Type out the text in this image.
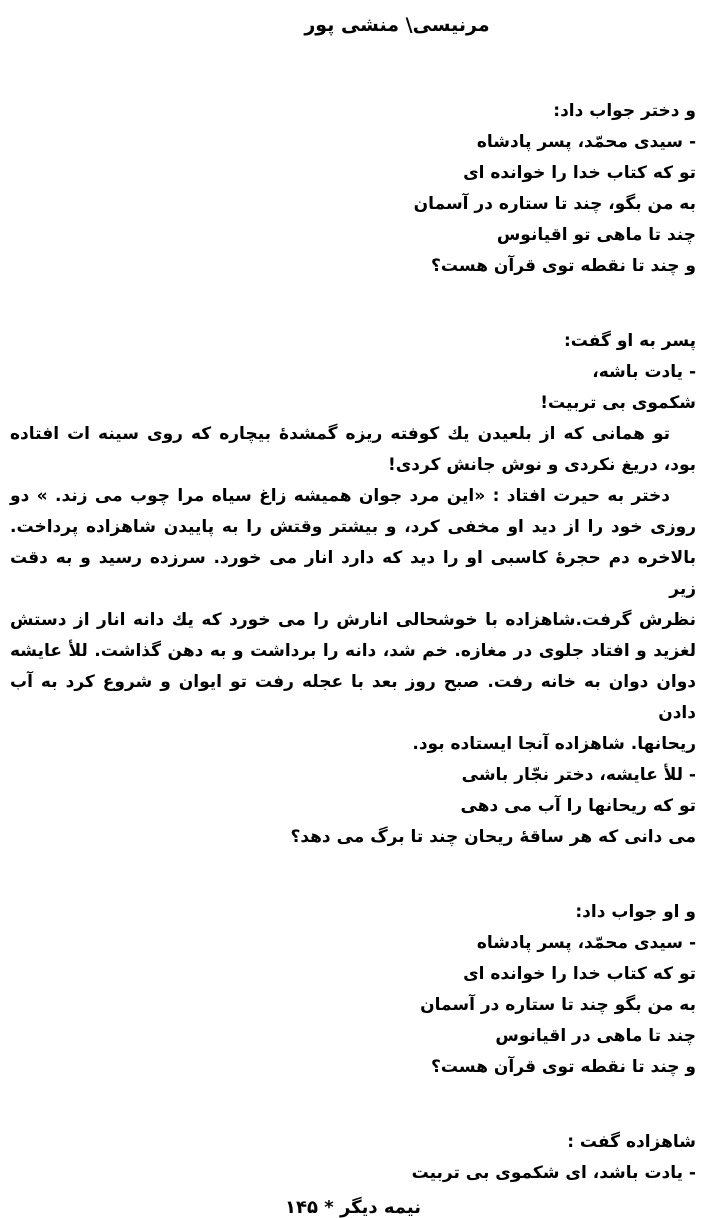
مرنیسی\ منشی پور
و دختر جواب داد:
- سیدی محمّد، پسر پادشاه
تو که کتاب خدا را خوانده ای
به من بگو، چند تا ستاره در آسمان
چند تا ماهی تو اقیانوس
و چند تا نقطه توی قرآن هست؟
پسر به او گفت:
- یادت باشه،
شکموی بی تربیت!
تو همانی که از بلعیدن یك کوفته ریزه گمشدهٔ بیچاره که روی سینه ات افتاده
بود، دریغ نکردی و نوش جانش کردی!
دختر به حیرت افتاد : «این مرد جوان همیشه زاغ سیاه مرا چوب می زند. » دو
روزی خود را از دید او مخفی کرد، و بیشتر وقتش را به پاییدن شاهزاده پرداخت.
بالاخره دم حجرهٔ کاسبی او را دید که دارد انار می خورد. سرزده رسید و به دقت زیر
نظرش گرفت.شاهزاده با خوشحالی انارش را می خورد که یك دانه انار از دستش
لغزید و افتاد جلوی در مغازه. خم شد، دانه را برداشت و به دهن گذاشت. للأ عایشه
دوان دوان به خانه رفت. صبح روز بعد با عجله رفت تو ایوان و شروع کرد به آب دادن
ریحانها. شاهزاده آنجا ایستاده بود.
- للأ عایشه، دختر نجّار باشی
تو که ریحانها را آب می دهی
می دانی که هر ساقهٔ ریحان چند تا برگ می دهد؟
و او جواب داد:
- سیدی محمّد، پسر پادشاه
تو که کتاب خدا را خوانده ای
به من بگو چند تا ستاره در آسمان
چند تا ماهی در اقیانوس
و چند تا نقطه توی قرآن هست؟
شاهزاده گفت :
- یادت باشد، ای شکموی بی تربیت
نیمه دیگر * ۱۴۵
